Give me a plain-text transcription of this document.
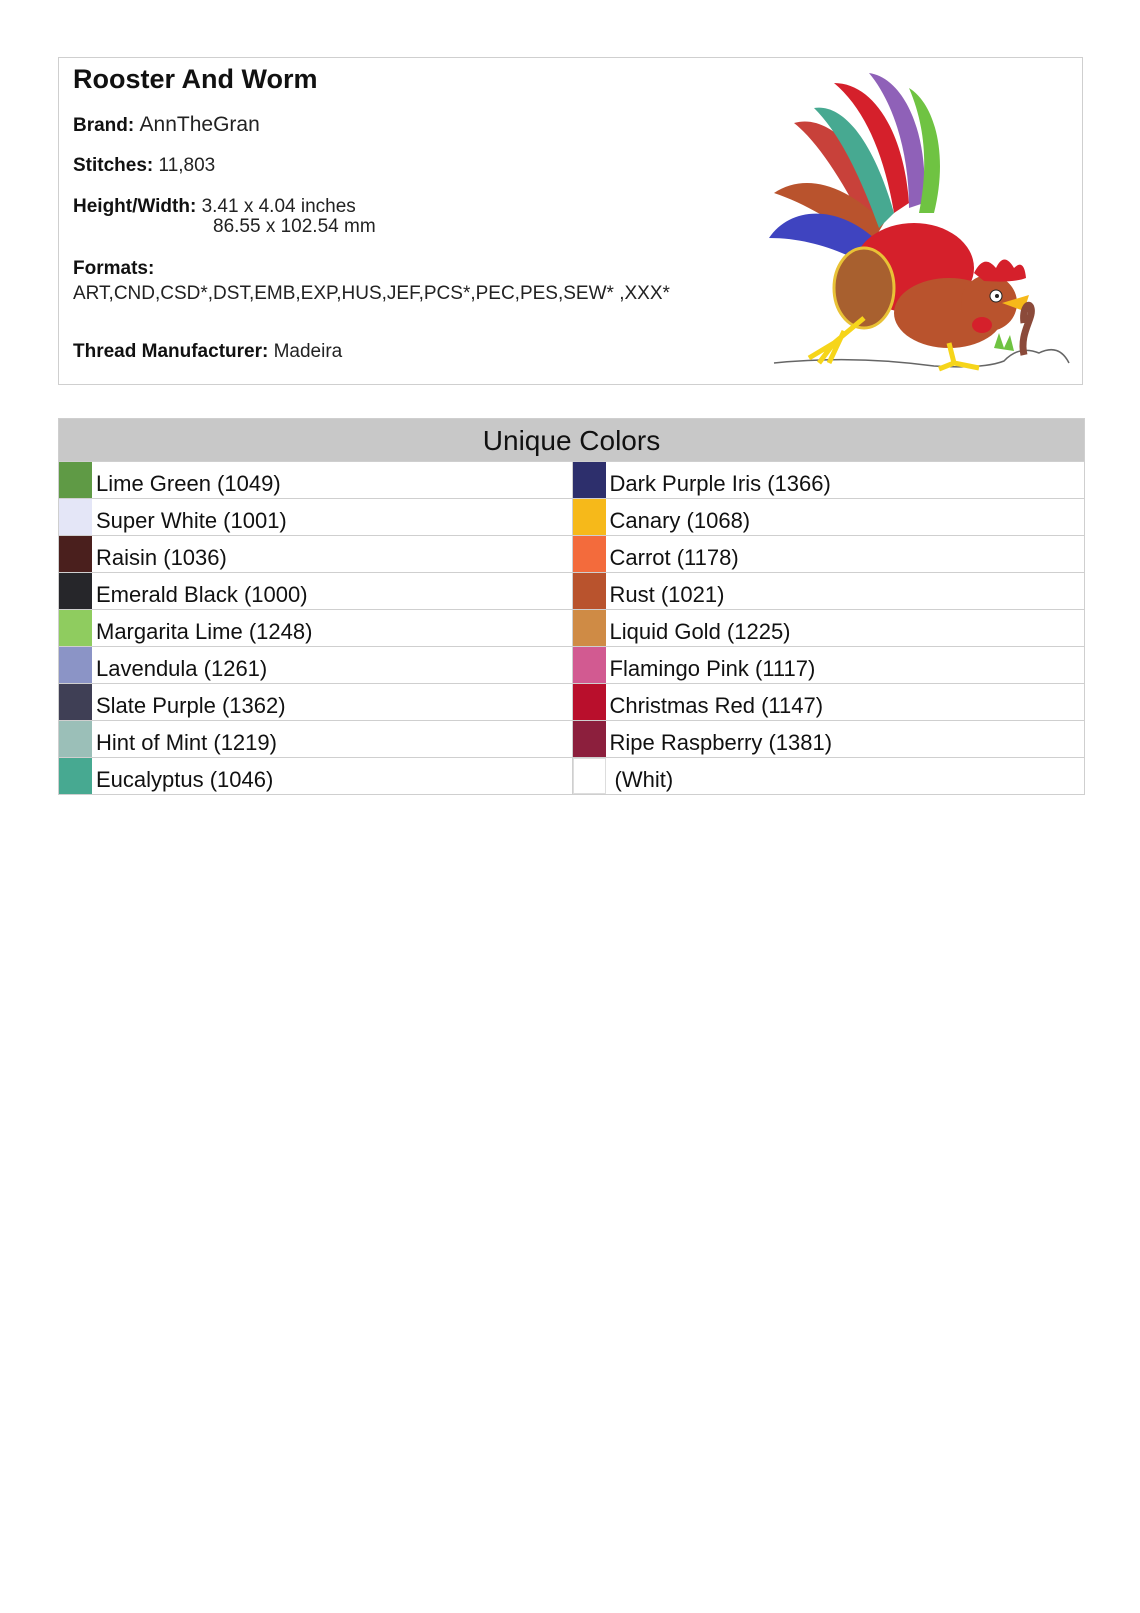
Rooster And Worm
Brand: AnnTheGran
Stitches: 11,803
Height/Width: 3.41 x 4.04 inches
86.55 x 102.54 mm
Formats:
ART,CND,CSD*,DST,EMB,EXP,HUS,JEF,PCS*,PEC,PES,SEW* ,XXX*
Thread Manufacturer: Madeira
Unique Colors
Lime Green (1049)	Dark Purple Iris (1366)
Super White (1001)	Canary (1068)
Raisin (1036)	Carrot (1178)
Emerald Black (1000)	Rust (1021)
Margarita Lime (1248)	Liquid Gold (1225)
Lavendula (1261)	Flamingo Pink (1117)
Slate Purple (1362)	Christmas Red (1147)
Hint of Mint (1219)	Ripe Raspberry (1381)
Eucalyptus (1046)	(Whit)
